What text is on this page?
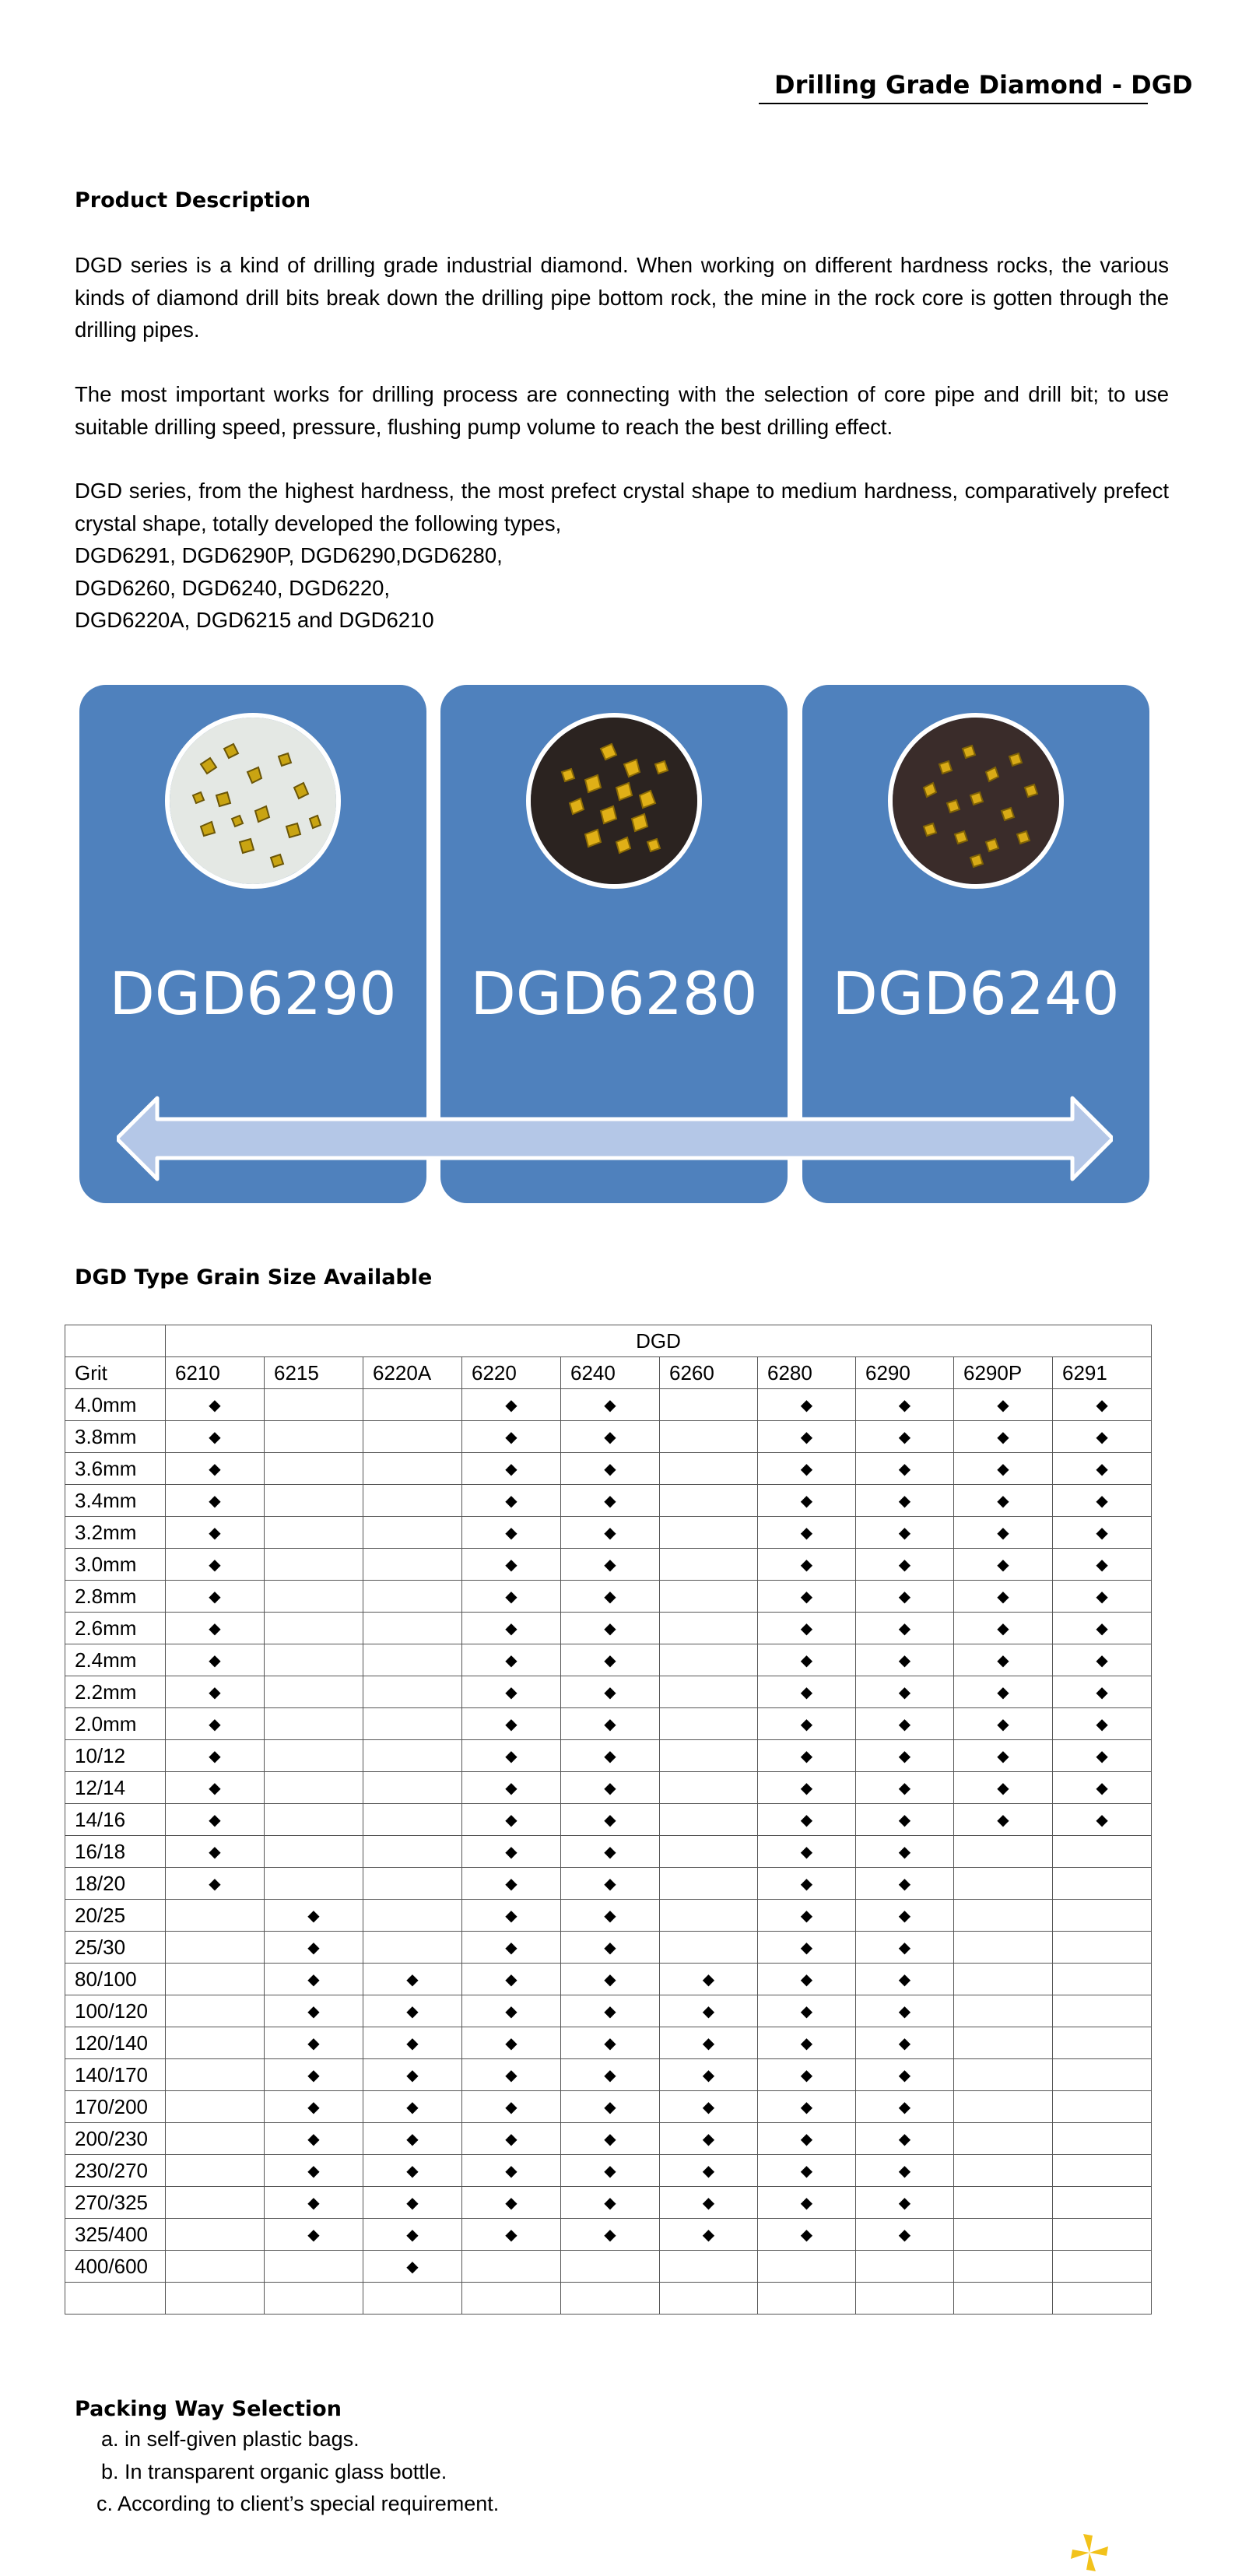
Drilling Grade Diamond - DGD
Product Description

DGD series is a kind of drilling grade industrial diamond. When working on different hardness rocks, the various kinds of diamond drill bits break down the drilling pipe bottom rock, the mine in the rock core is gotten through the drilling pipes.

The most important works for drilling process are connecting with the selection of core pipe and drill bit; to use suitable drilling speed, pressure, flushing pump volume to reach the best drilling effect.

DGD series, from the highest hardness, the most prefect crystal shape to medium hardness, comparatively prefect crystal shape, totally developed the following types,

DGD6291, DGD6290P, DGD6290,DGD6280,
DGD6260, DGD6240, DGD6220,
DGD6220A, DGD6215 and DGD6210
DGD6290	DGD6280	DGD6240
DGD Type Grain Size Available
	DGD									
Grit	6210	6215	6220A	6220	6240	6260	6280	6290	6290P	6291
4.0mm	◆			◆	◆		◆	◆	◆	◆
3.8mm	◆			◆	◆		◆	◆	◆	◆
3.6mm	◆			◆	◆		◆	◆	◆	◆
3.4mm	◆			◆	◆		◆	◆	◆	◆
3.2mm	◆			◆	◆		◆	◆	◆	◆
3.0mm	◆			◆	◆		◆	◆	◆	◆
2.8mm	◆			◆	◆		◆	◆	◆	◆
2.6mm	◆			◆	◆		◆	◆	◆	◆
2.4mm	◆			◆	◆		◆	◆	◆	◆
2.2mm	◆			◆	◆		◆	◆	◆	◆
2.0mm	◆			◆	◆		◆	◆	◆	◆
10/12	◆			◆	◆		◆	◆	◆	◆
12/14	◆			◆	◆		◆	◆	◆	◆
14/16	◆			◆	◆		◆	◆	◆	◆
16/18	◆			◆	◆		◆	◆		
18/20	◆			◆	◆		◆	◆		
20/25		◆		◆	◆		◆	◆		
25/30		◆		◆	◆		◆	◆		
80/100		◆	◆	◆	◆	◆	◆	◆		
100/120		◆	◆	◆	◆	◆	◆	◆		
120/140		◆	◆	◆	◆	◆	◆	◆		
140/170		◆	◆	◆	◆	◆	◆	◆		
170/200		◆	◆	◆	◆	◆	◆	◆		
200/230		◆	◆	◆	◆	◆	◆	◆		
230/270		◆	◆	◆	◆	◆	◆	◆		
270/325		◆	◆	◆	◆	◆	◆	◆		
325/400		◆	◆	◆	◆	◆	◆	◆		
400/600			◆							

Packing Way Selection
a. in self-given plastic bags.
b. In transparent organic glass bottle.
c. According to client’s special requirement.
